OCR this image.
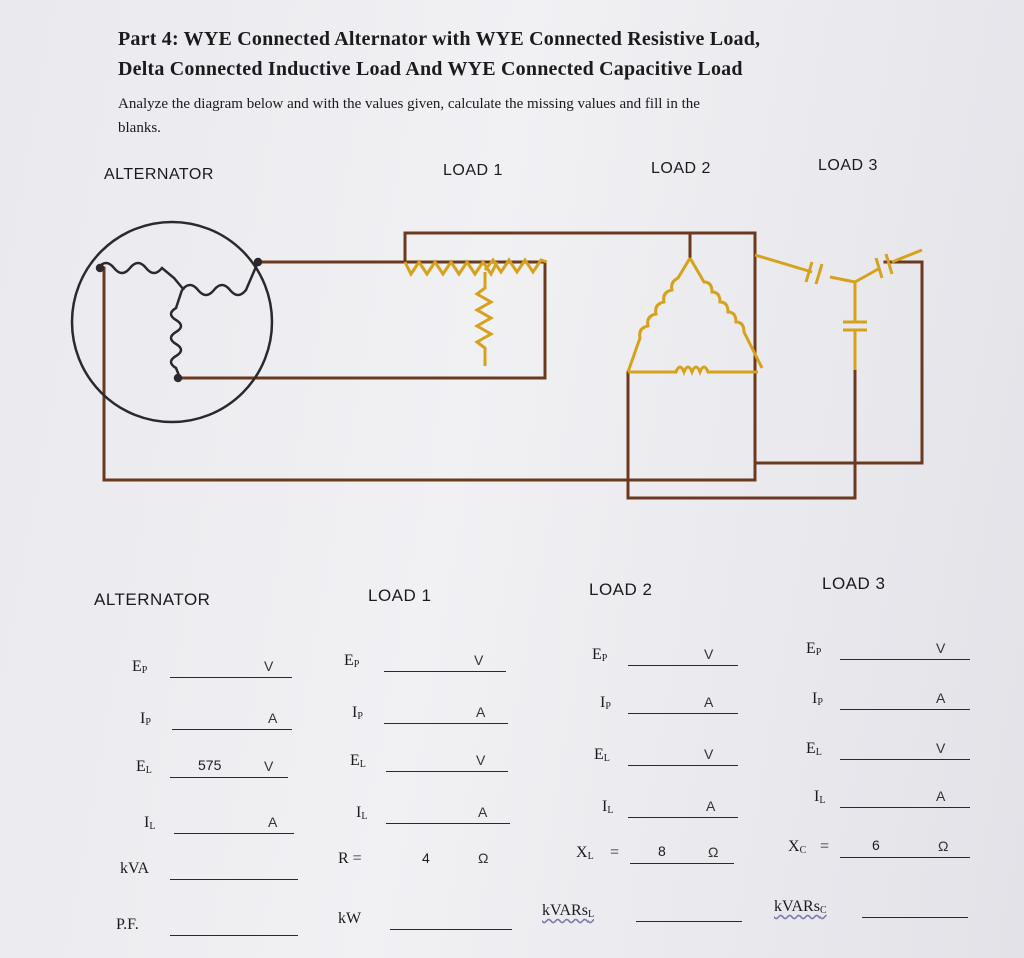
Part 4: WYE Connected Alternator with WYE Connected Resistive Load,
Delta Connected Inductive Load And WYE Connected Capacitive Load
Analyze the diagram below and with the values given, calculate the missing values and fill in the
blanks.
ALTERNATOR	LOAD 1	LOAD 2	LOAD 3
ALTERNATOR	LOAD 1	LOAD 2	LOAD 3
$E_P$	V
$I_P$	A
$E_L$	575	V
$I_L$	A
kVA
P.F.
$E_P$	V
$I_P$	A
$E_L$	V
$I_L$	A
R =	4	Ω
kW
$E_P$	V
$I_P$	A
$E_L$	V
$I_L$	A
$X_L$ =	8	Ω
kVARs$_L$
$E_P$	V
$I_P$	A
$E_L$	V
$I_L$	A
$X_C$ =	6	Ω
kVARs$_C$
